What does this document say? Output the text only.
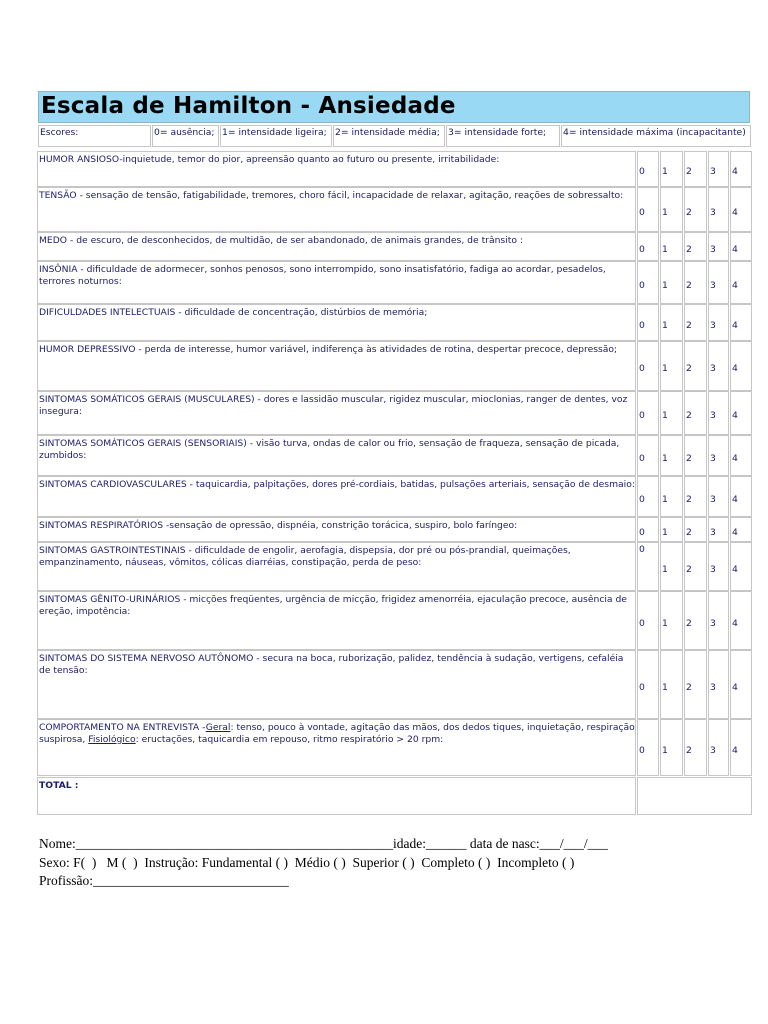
Escala de Hamilton - Ansiedade
Escores:	0= ausência; 1= intensidade ligeira; 2= intensidade média; 3= intensidade forte; 4= intensidade máxima (incapacitante)
HUMOR ANSIOSO-inquietude, temor do pior, apreensão quanto ao futuro ou presente, irritabilidade:
0 1 2 3 4
TENSÃO - sensação de tensão, fatigabilidade, tremores, choro fácil, incapacidade de relaxar, agitação, reações de sobressalto:
0 1 2 3 4
MEDO - de escuro, de desconhecidos, de multidão, de ser abandonado, de animais grandes, de trânsito :
0 1 2 3 4
INSÔNIA - dificuldade de adormecer, sonhos penosos, sono interrompido, sono insatisfatório, fadiga ao acordar, pesadelos, terrores noturnos:	0 1 2 3 4
DIFICULDADES INTELECTUAIS - dificuldade de concentração, distúrbios de memória;
0 1 2 3 4
HUMOR DEPRESSIVO - perda de interesse, humor variável, indiferença às atividades de rotina, despertar precoce, depressão;
0 1 2 3 4
SINTOMAS SOMÁTICOS GERAIS (MUSCULARES) - dores e lassidão muscular, rigidez muscular, mioclonias, ranger de dentes, voz insegura:	0 1 2 3 4
SINTOMAS SOMÁTICOS GERAIS (SENSORIAIS) - visão turva, ondas de calor ou frio, sensação de fraqueza, sensação de picada, zumbidos:	0 1 2 3 4
SINTOMAS CARDIOVASCULARES - taquicardia, palpitações, dores pré-cordiais, batidas, pulsações arteriais, sensação de desmaio:
0 1 2 3 4
SINTOMAS RESPIRATÓRIOS -sensação de opressão, dispnéia, constrição torácica, suspiro, bolo faríngeo:
0 1 2 3 4
SINTOMAS GASTROINTESTINAIS - dificuldade de engolir, aerofagia, dispepsia, dor pré ou pós-prandial, queimações, empanzinamento, náuseas, vômitos, cólicas diarréias, constipação, perda de peso:
0
1 2 3 4
SINTOMAS GÊNITO-URINÁRIOS - micções freqüentes, urgência de micção, frigidez amenorréia, ejaculação precoce, ausência de ereção, impotência:
0 1 2 3 4
SINTOMAS DO SISTEMA NERVOSO AUTÔNOMO - secura na boca, ruborização, palidez, tendência à sudação, vertigens, cefaléia de tensão:
0 1 2 3 4
COMPORTAMENTO NA ENTREVISTA -Geral: tenso, pouco à vontade, agitação das mãos, dos dedos tiques, inquietação, respiração suspirosa, Fisiológico: eructações, taquicardia em repouso, ritmo respiratório > 20 rpm:
0 1 2 3 4
TOTAL :
Nome:_______________________________________________idade:______ data de nasc:___/___/___
Sexo: F(  )   M (  )  Instrução: Fundamental ( )  Médio ( )  Superior ( )  Completo ( )  Incompleto ( )
Profissão:_____________________________
